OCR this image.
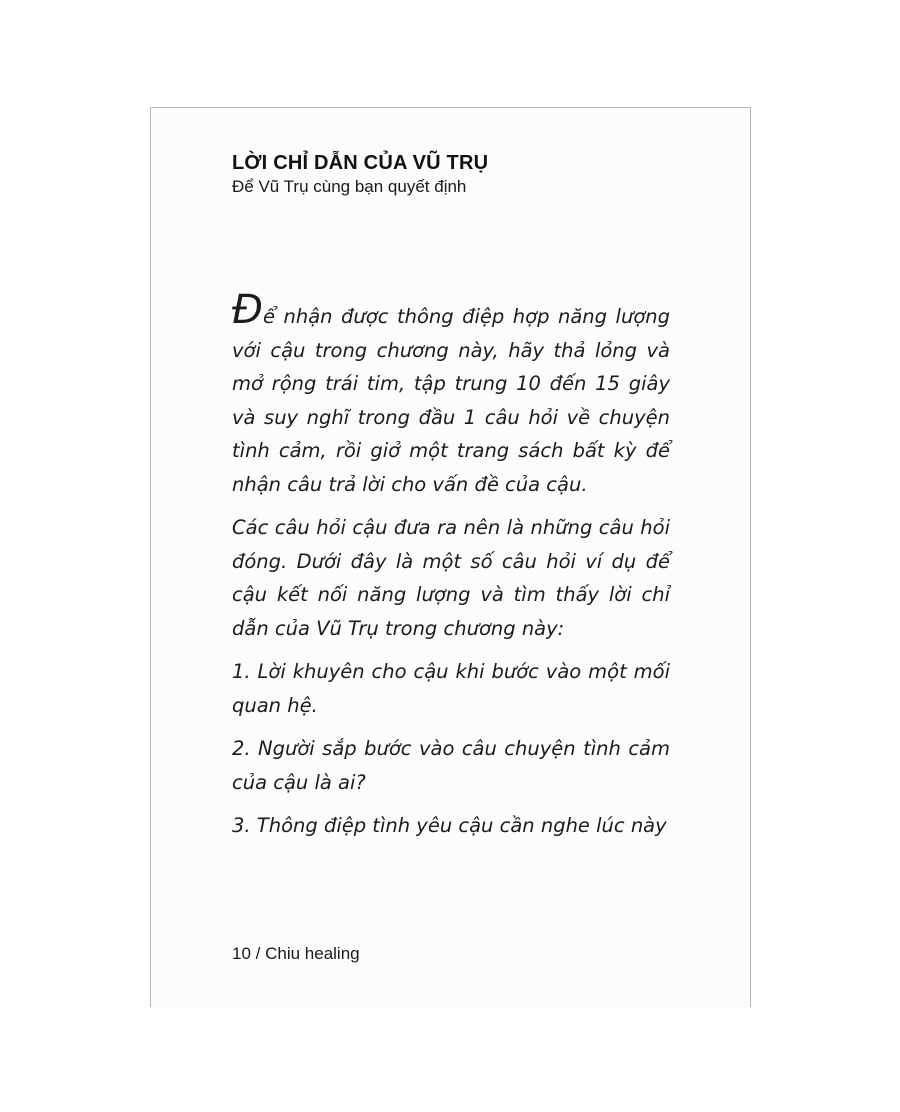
LỜI CHỈ DẪN CỦA VŨ TRỤ

Để Vũ Trụ cùng bạn quyết định

Để nhận được thông điệp hợp năng lượng với cậu trong chương này, hãy thả lỏng và mở rộng trái tim, tập trung 10 đến 15 giây và suy nghĩ trong đầu 1 câu hỏi về chuyện tình cảm, rồi giở một trang sách bất kỳ để nhận câu trả lời cho vấn đề của cậu.

Các câu hỏi cậu đưa ra nên là những câu hỏi đóng. Dưới đây là một số câu hỏi ví dụ để cậu kết nối năng lượng và tìm thấy lời chỉ dẫn của Vũ Trụ trong chương này:

1. Lời khuyên cho cậu khi bước vào một mối quan hệ.

2. Người sắp bước vào câu chuyện tình cảm của cậu là ai?

3. Thông điệp tình yêu cậu cần nghe lúc này

10 / Chiu healing
